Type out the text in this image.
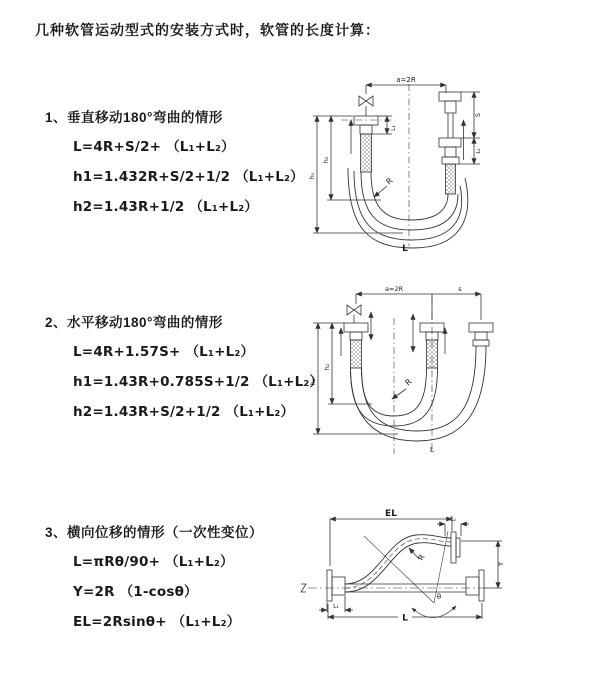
几种软管运动型式的安装方式时，软管的长度计算：
1、垂直移动180°弯曲的情形
L=4R+S/2+ （L₁+L₂）
h1=1.432R+S/2+1/2 （L₁+L₂）
h2=1.43R+1/2 （L₁+L₂）
2、水平移动180°弯曲的情形
L=4R+1.57S+ （L₁+L₂）
h1=1.43R+0.785S+1/2 （L₁+L₂）
h2=1.43R+S/2+1/2 （L₁+L₂）
3、横向位移的情形（一次性变位）
L=πRθ/90+ （L₁+L₂）
Y=2R （1-cosθ）
EL=2Rsinθ+ （L₁+L₂）
a=2R
L₁
S
L₂
h₁
h₂
R
L
a=2R	s
h₁
h₂
R
L
EL
L₂
Y
R
θ
L
L₁
